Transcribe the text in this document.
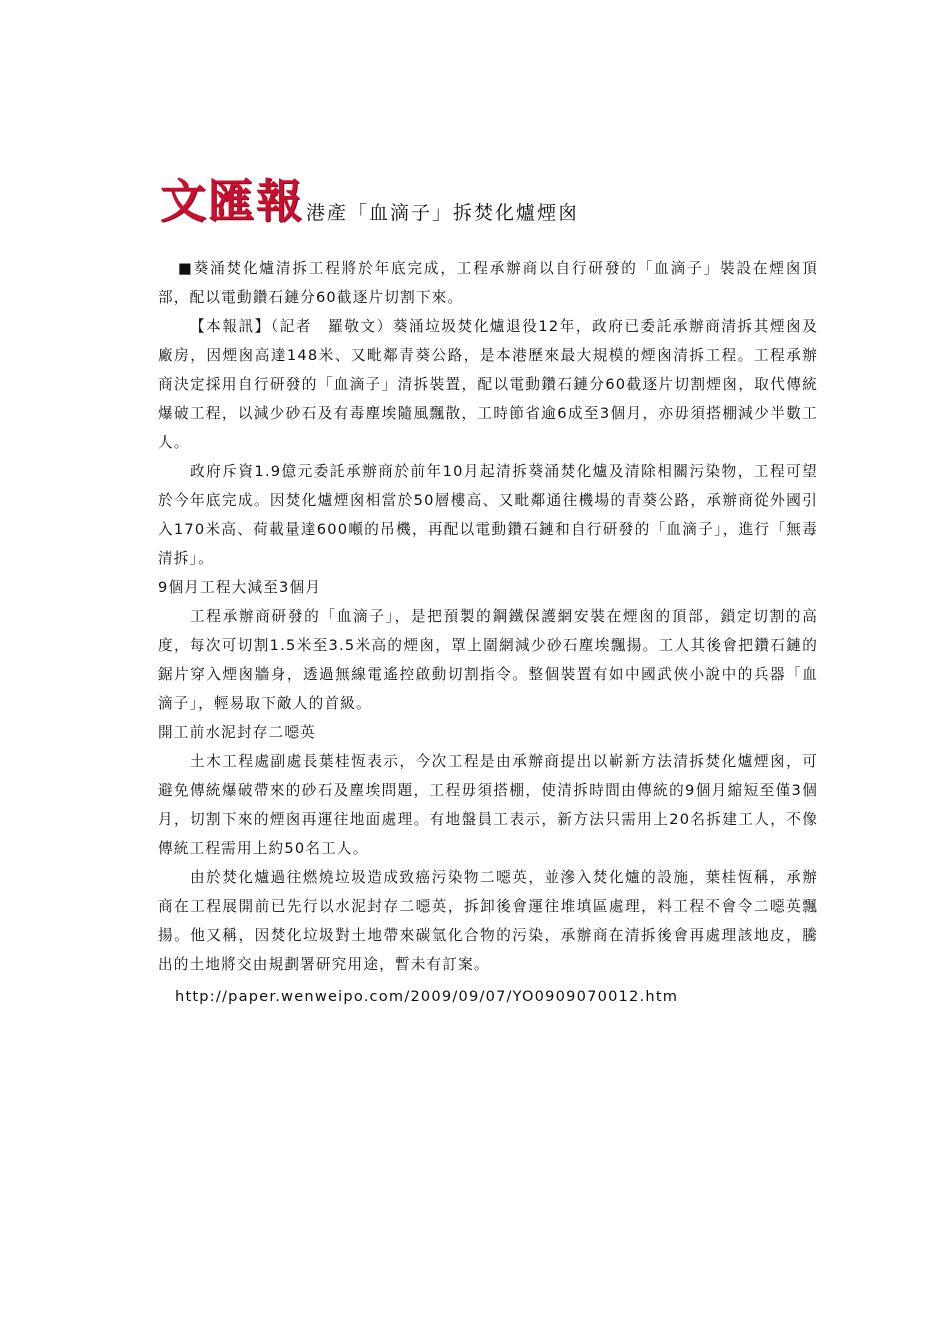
文匯報 港產「血滴子」拆焚化爐煙囪

■葵涌焚化爐清拆工程將於年底完成，工程承辦商以自行研發的「血滴子」裝設在煙囪頂部，配以電動鑽石鏈分60截逐片切割下來。

【本報訊】（記者　羅敬文）葵涌垃圾焚化爐退役12年，政府已委託承辦商清拆其煙囪及廠房，因煙囪高達148米、又毗鄰青葵公路，是本港歷來最大規模的煙囪清拆工程。工程承辦商決定採用自行研發的「血滴子」清拆裝置，配以電動鑽石鏈分60截逐片切割煙囪，取代傳統爆破工程，以減少砂石及有毒塵埃隨風飄散，工時節省逾6成至3個月，亦毋須搭棚減少半數工人。

政府斥資1.9億元委託承辦商於前年10月起清拆葵涌焚化爐及清除相關污染物，工程可望於今年底完成。因焚化爐煙囪相當於50層樓高、又毗鄰通往機場的青葵公路，承辦商從外國引入170米高、荷載量達600噸的吊機，再配以電動鑽石鏈和自行研發的「血滴子」，進行「無毒清拆」。

9個月工程大減至3個月

工程承辦商研發的「血滴子」，是把預製的鋼鐵保護網安裝在煙囪的頂部，鎖定切割的高度，每次可切割1.5米至3.5米高的煙囪，罩上圍網減少砂石塵埃飄揚。工人其後會把鑽石鏈的鋸片穿入煙囪牆身，透過無線電遙控啟動切割指令。整個裝置有如中國武俠小說中的兵器「血滴子」，輕易取下敵人的首級。

開工前水泥封存二噁英

土木工程處副處長葉桂恆表示，今次工程是由承辦商提出以嶄新方法清拆焚化爐煙囪，可避免傳統爆破帶來的砂石及塵埃問題，工程毋須搭棚，使清拆時間由傳統的9個月縮短至僅3個月，切割下來的煙囪再運往地面處理。有地盤員工表示，新方法只需用上20名拆建工人，不像傳統工程需用上約50名工人。

由於焚化爐過往燃燒垃圾造成致癌污染物二噁英，並滲入焚化爐的設施，葉桂恆稱，承辦商在工程展開前已先行以水泥封存二噁英，拆卸後會運往堆填區處理，料工程不會令二噁英飄揚。他又稱，因焚化垃圾對土地帶來碳氫化合物的污染，承辦商在清拆後會再處理該地皮，騰出的土地將交由規劃署研究用途，暫未有訂案。

http://paper.wenweipo.com/2009/09/07/YO0909070012.htm
